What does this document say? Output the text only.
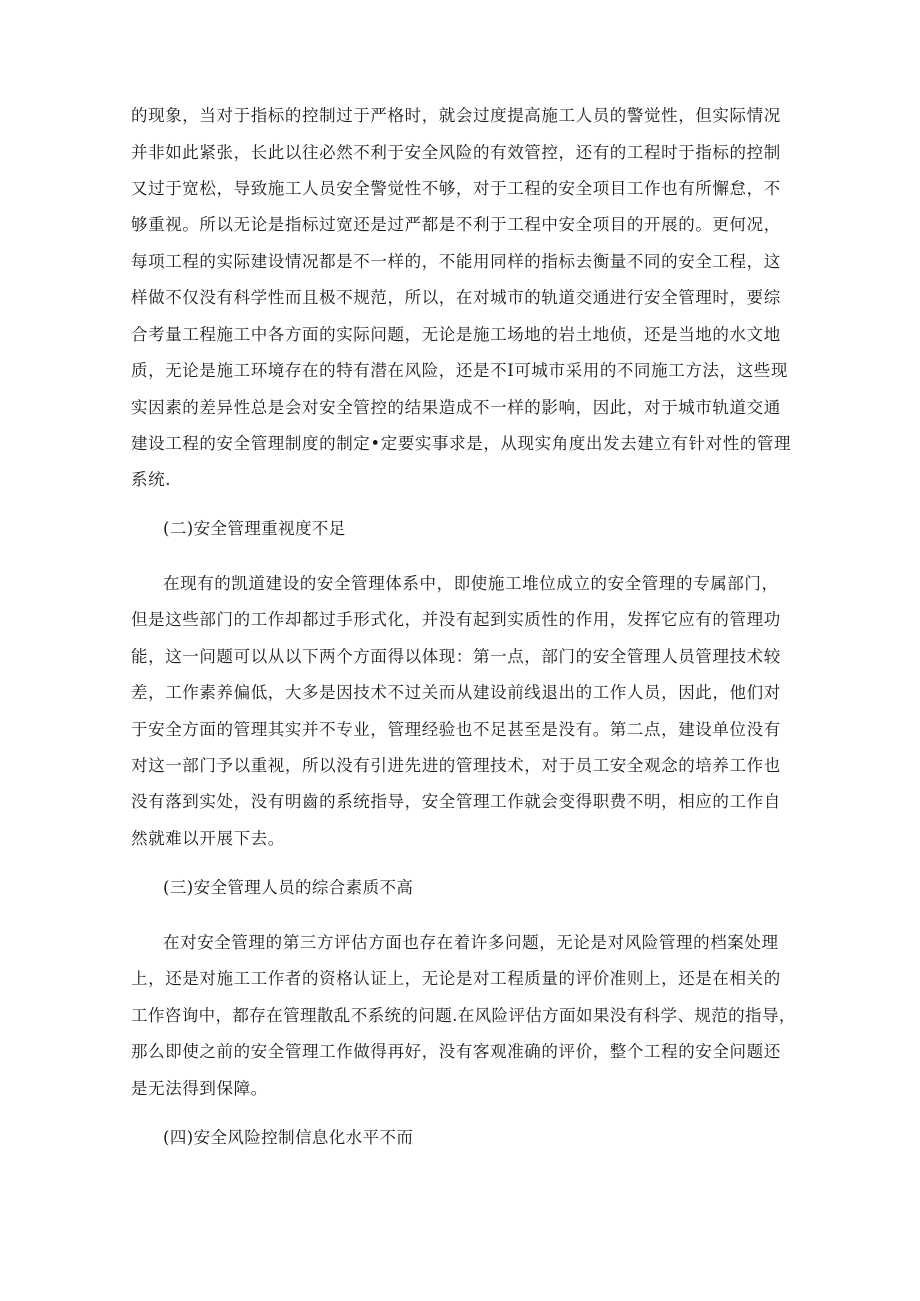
的现象，当对于指标的控制过于严格时，就会过度提高施工人员的警觉性，但实际情况
并非如此紧张，长此以往必然不利于安全风险的有效管控，还有的工程时于指标的控制
又过于宽松，导致施工人员安全警觉性不够，对于工程的安全项目工作也有所懈怠，不
够重视。所以无论是指标过宽还是过严都是不利于工程中安全项目的开展的。更何况，
每项工程的实际建设情况都是不一样的，不能用同样的指标去衡量不同的安全工程，这
样做不仅没有科学性而且极不规范，所以，在对城市的轨道交通进行安全管理时，要综
合考量工程施工中各方面的实际问题，无论是施工场地的岩土地侦，还是当地的水文地
质，无论是施工环境存在的特有潜在风险，还是不I可城市采用的不同施工方法，这些现
实因素的差异性总是会对安全管控的结果造成不一样的影响，因此，对于城市轨道交通
建设工程的安全管理制度的制定•定要实事求是，从现实角度出发去建立有针对性的管理
系统.
(二)安全管理重视度不足
在现有的凯道建设的安全管理体系中，即使施工堆位成立的安全管理的专属部门，
但是这些部门的工作却都过手形式化，并没有起到实质性的作用，发挥它应有的管理功
能，这一问题可以从以下两个方面得以体现：第一点，部门的安全管理人员管理技术较
差，工作素养偏低，大多是因技术不过关而从建设前线退出的工作人员，因此，他们对
于安全方面的管理其实并不专业，管理经验也不足甚至是没有。第二点，建设单位没有
对这一部门予以重视，所以没有引进先进的管理技术，对于员工安全观念的培养工作也
没有落到实处，没有明齒的系统指导，安全管理工作就会变得职费不明，相应的工作自
然就难以开展下去。
(三)安全管理人员的综合素质不高
在对安全管理的第三方评估方面也存在着许多问题，无论是对风险管理的档案处理
上，还是对施工工作者的资格认证上，无论是对工程质量的评价准则上，还是在相关的
工作咨询中，都存在管理散乱不系统的问题.在风险评估方面如果没有科学、规范的指导，
那么即使之前的安全管理工作做得再好，没有客观准确的评价，整个工程的安全问题还
是无法得到保障。
(四)安全风险控制信息化水平不而
